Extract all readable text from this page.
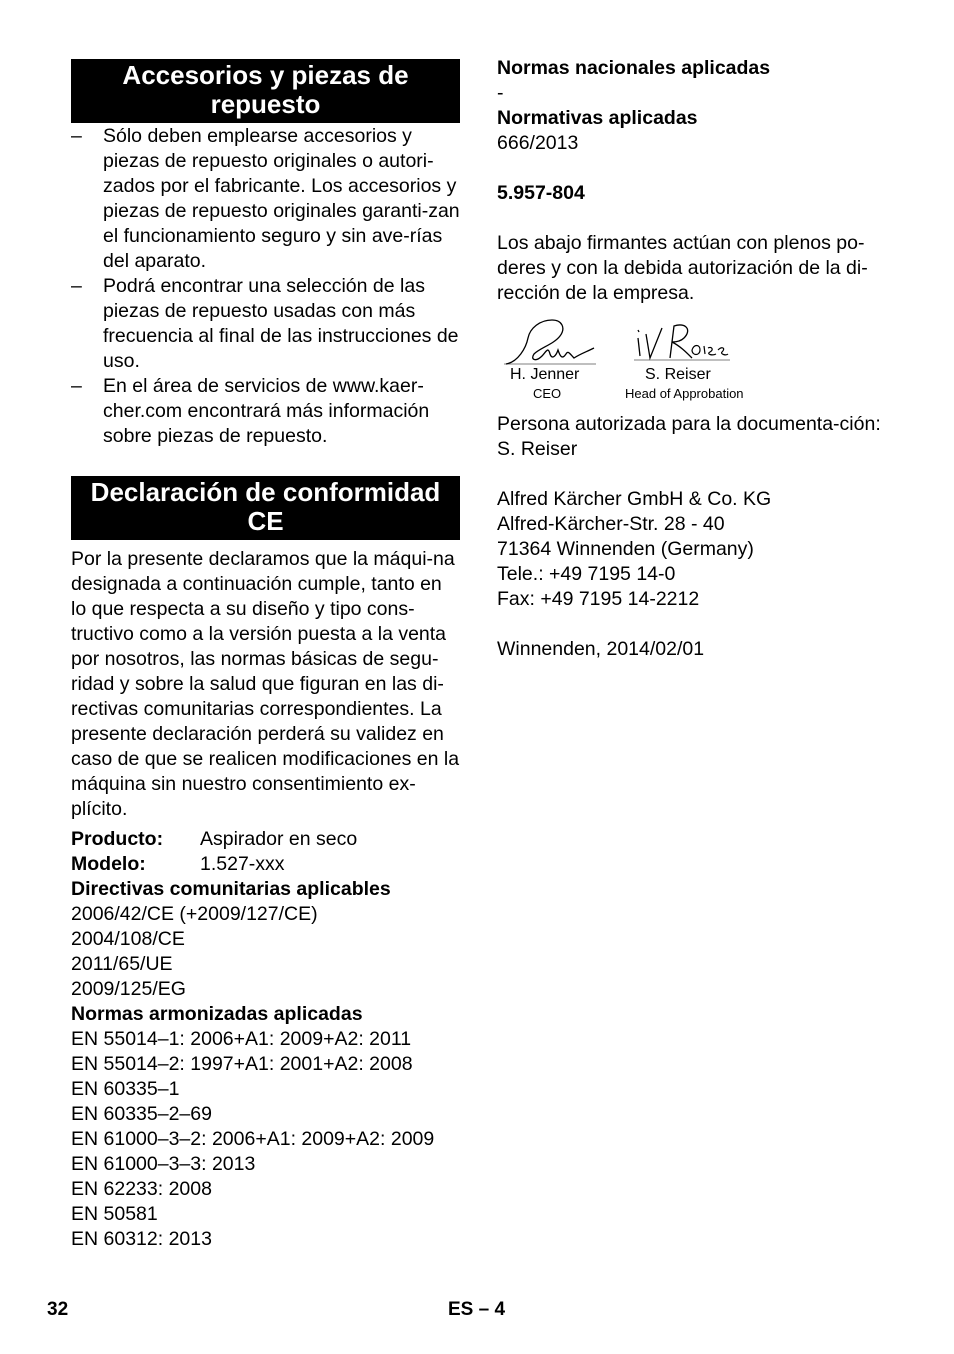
Accesorios y piezas de repuesto
– Sólo deben emplearse accesorios y piezas de repuesto originales o autori-zados por el fabricante. Los accesorios y piezas de repuesto originales garanti-zan el funcionamiento seguro y sin ave-rías del aparato.
– Podrá encontrar una selección de las piezas de repuesto usadas con más frecuencia al final de las instrucciones de uso.
– En el área de servicios de www.kaer-cher.com encontrará más información sobre piezas de repuesto.
Declaración de conformidad CE
Por la presente declaramos que la máqui-na designada a continuación cumple, tanto en lo que respecta a su diseño y tipo cons-tructivo como a la versión puesta a la venta por nosotros, las normas básicas de segu-ridad y sobre la salud que figuran en las di-rectivas comunitarias correspondientes. La presente declaración perderá su validez en caso de que se realicen modificaciones en la máquina sin nuestro consentimiento ex-plícito.
Producto:	Aspirador en seco
Modelo:	1.527-xxx
Directivas comunitarias aplicables
2006/42/CE (+2009/127/CE)
2004/108/CE
2011/65/UE
2009/125/EG
Normas armonizadas aplicadas
EN 55014–1: 2006+A1: 2009+A2: 2011
EN 55014–2: 1997+A1: 2001+A2: 2008
EN 60335–1
EN 60335–2–69
EN 61000–3–2: 2006+A1: 2009+A2: 2009
EN 61000–3–3: 2013
EN 62233: 2008
EN 50581
EN 60312: 2013
Normas nacionales aplicadas
-
Normativas aplicadas
666/2013
5.957-804
Los abajo firmantes actúan con plenos po-deres y con la debida autorización de la di-rección de la empresa.
H. Jenner
CEO
S. Reiser
Head of Approbation
Persona autorizada para la documenta-ción:
S. Reiser
Alfred Kärcher GmbH & Co. KG
Alfred-Kärcher-Str. 28 - 40
71364 Winnenden (Germany)
Tele.: +49 7195 14-0
Fax: +49 7195 14-2212
Winnenden, 2014/02/01
32	ES – 4
